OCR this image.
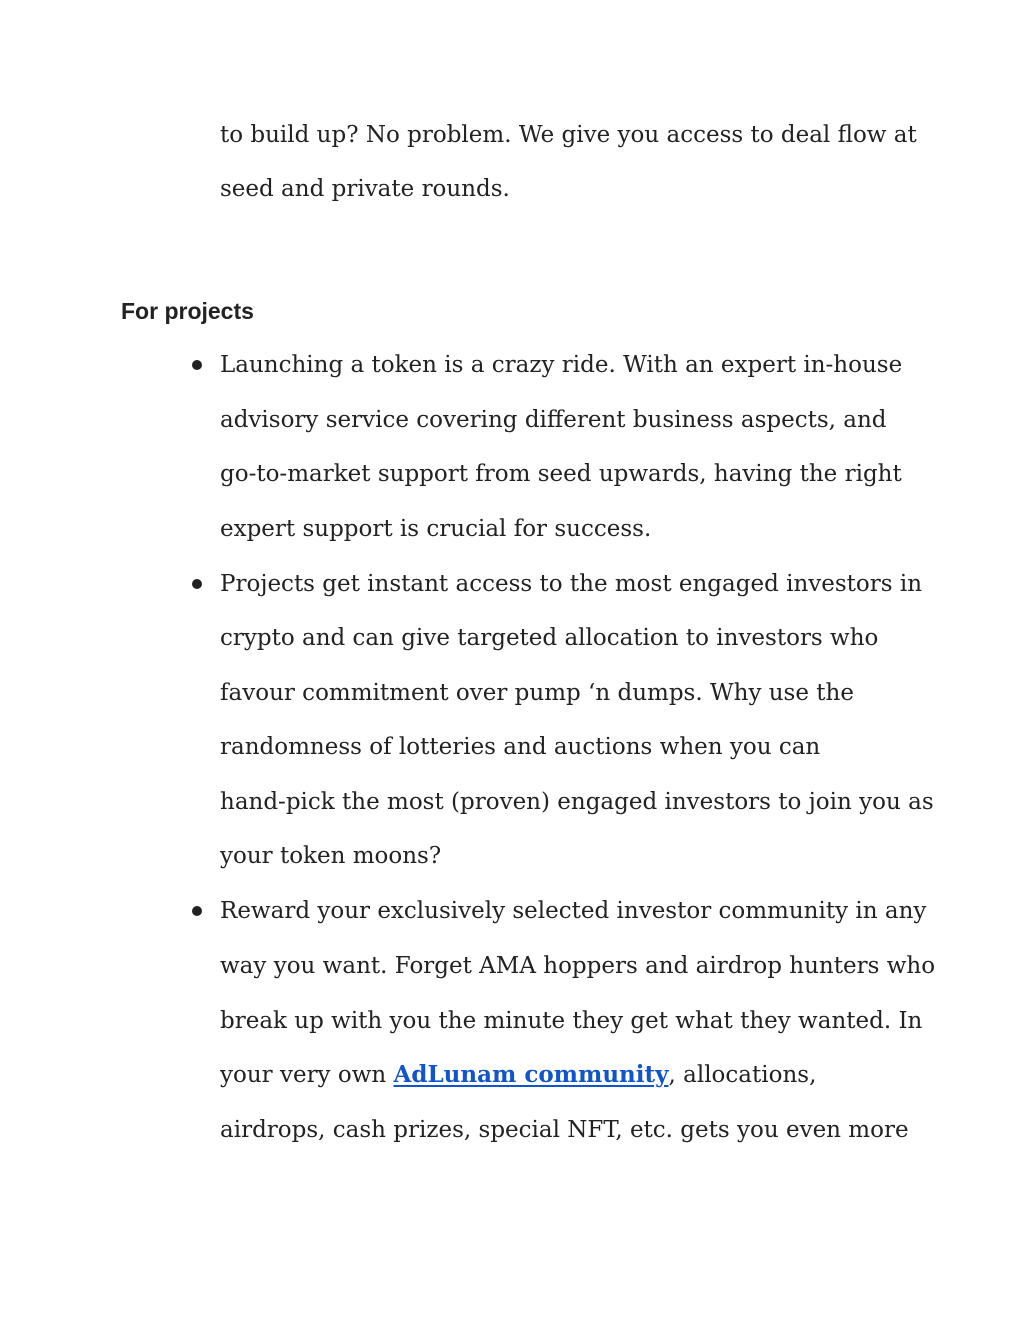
to build up? No problem. We give you access to deal flow at
seed and private rounds.
For projects
Launching a token is a crazy ride. With an expert in-house
advisory service covering different business aspects, and
go-to-market support from seed upwards, having the right
expert support is crucial for success.
Projects get instant access to the most engaged investors in
crypto and can give targeted allocation to investors who
favour commitment over pump ‘n dumps. Why use the
randomness of lotteries and auctions when you can
hand-pick the most (proven) engaged investors to join you as
your token moons?
Reward your exclusively selected investor community in any
way you want. Forget AMA hoppers and airdrop hunters who
break up with you the minute they get what they wanted. In
your very own AdLunam community, allocations,
airdrops, cash prizes, special NFT, etc. gets you even more
